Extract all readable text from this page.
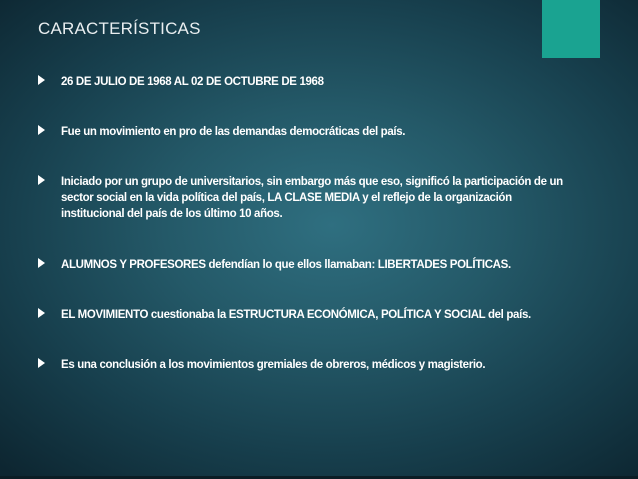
CARACTERÍSTICAS
26 DE JULIO DE 1968 AL 02 DE OCTUBRE DE 1968
Fue un movimiento en pro de las demandas democráticas del país.
Iniciado por un grupo de universitarios, sin embargo más que eso, significó la participación de un sector social en la vida política del país, LA CLASE MEDIA y el reflejo de la organización institucional del país de los último 10 años.
ALUMNOS Y PROFESORES defendían lo que ellos llamaban: LIBERTADES POLÍTICAS.
EL MOVIMIENTO cuestionaba la ESTRUCTURA ECONÓMICA, POLÍTICA Y SOCIAL del país.
Es una conclusión a los movimientos gremiales de obreros, médicos y magisterio.
